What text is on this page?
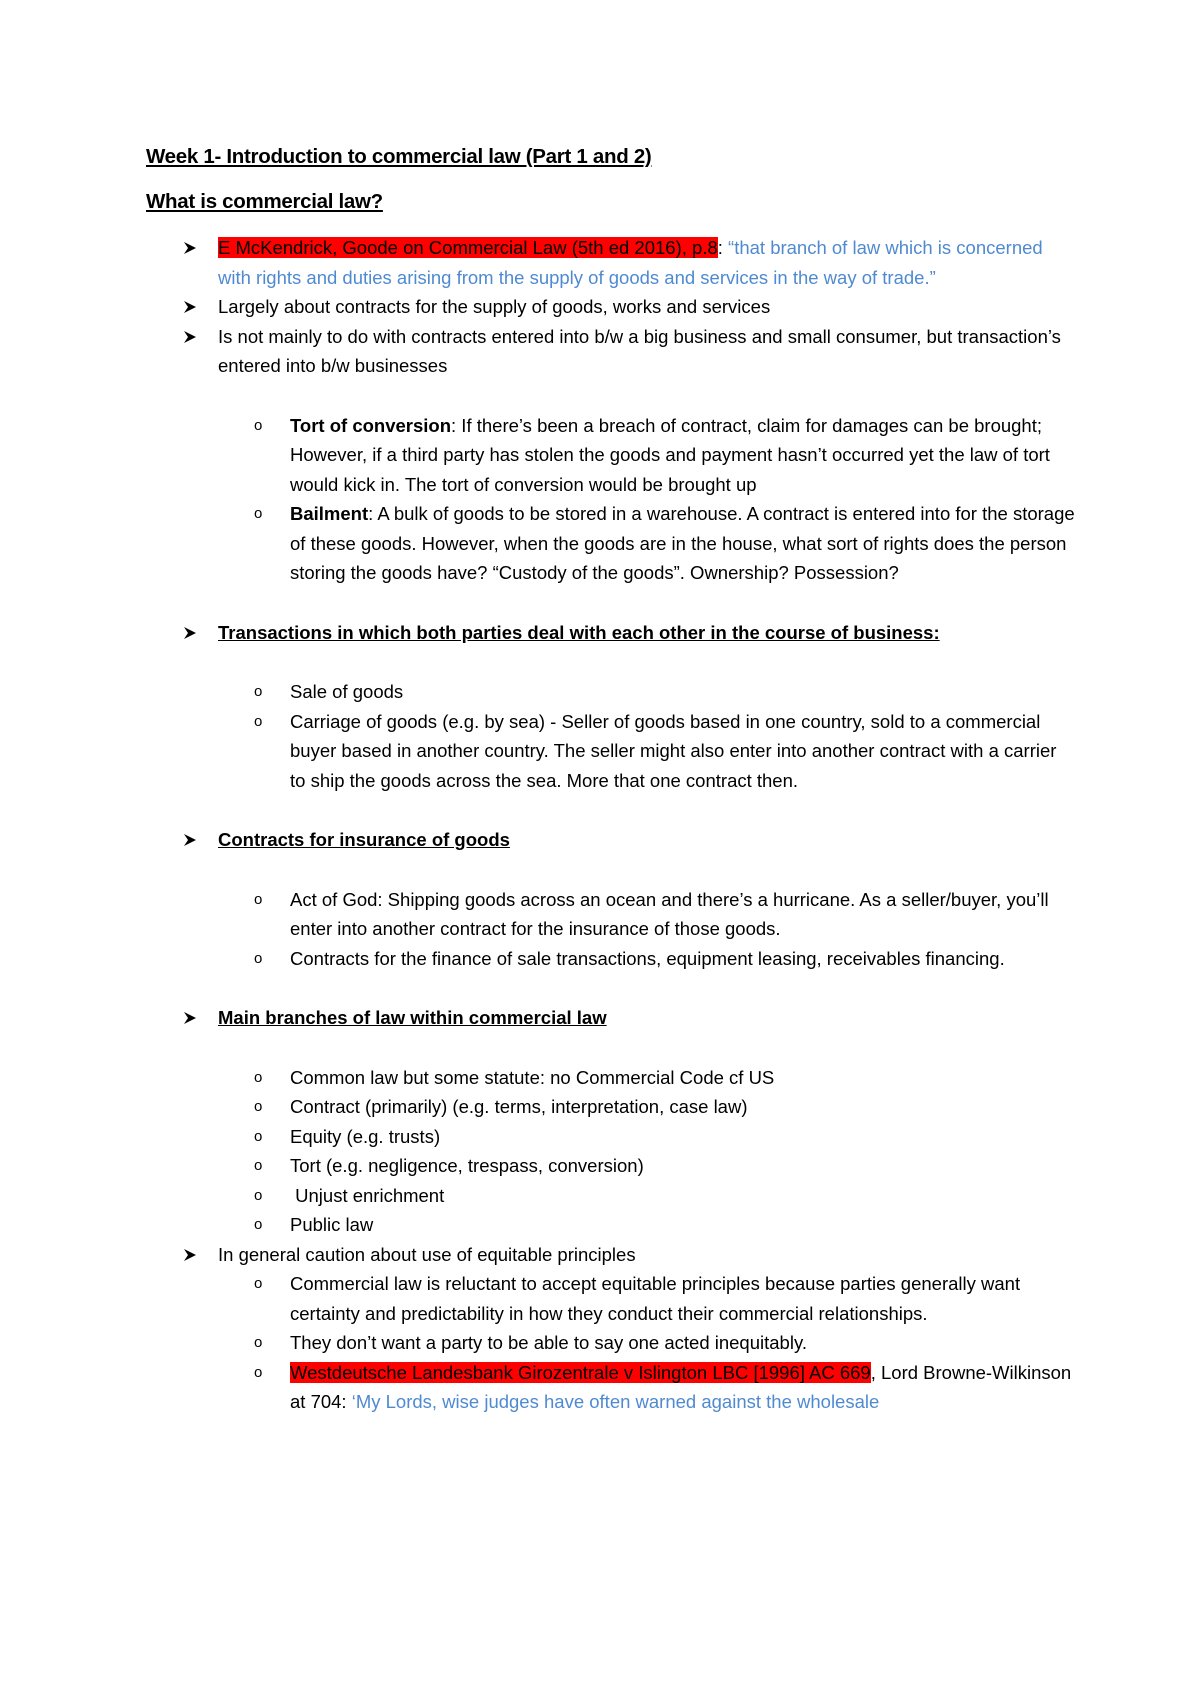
Week 1- Introduction to commercial law (Part 1 and 2)
What is commercial law?
E McKendrick, Goode on Commercial Law (5th ed 2016), p.8: “that branch of law which is concerned with rights and duties arising from the supply of goods and services in the way of trade.”
Largely about contracts for the supply of goods, works and services
Is not mainly to do with contracts entered into b/w a big business and small consumer, but transaction’s entered into b/w businesses
o Tort of conversion: If there’s been a breach of contract, claim for damages can be brought; However, if a third party has stolen the goods and payment hasn’t occurred yet the law of tort would kick in. The tort of conversion would be brought up
o Bailment: A bulk of goods to be stored in a warehouse. A contract is entered into for the storage of these goods. However, when the goods are in the house, what sort of rights does the person storing the goods have? “Custody of the goods”. Ownership? Possession?
Transactions in which both parties deal with each other in the course of business:
o Sale of goods
o Carriage of goods (e.g. by sea) - Seller of goods based in one country, sold to a commercial buyer based in another country. The seller might also enter into another contract with a carrier to ship the goods across the sea. More that one contract then.
Contracts for insurance of goods
o Act of God: Shipping goods across an ocean and there’s a hurricane. As a seller/buyer, you’ll enter into another contract for the insurance of those goods.
o Contracts for the finance of sale transactions, equipment leasing, receivables financing.
Main branches of law within commercial law
o Common law but some statute: no Commercial Code cf US
o Contract (primarily) (e.g. terms, interpretation, case law)
o Equity (e.g. trusts)
o Tort (e.g. negligence, trespass, conversion)
o Unjust enrichment
o Public law
In general caution about use of equitable principles
o Commercial law is reluctant to accept equitable principles because parties generally want certainty and predictability in how they conduct their commercial relationships.
o They don’t want a party to be able to say one acted inequitably.
o Westdeutsche Landesbank Girozentrale v Islington LBC [1996] AC 669, Lord Browne-Wilkinson at 704: ‘My Lords, wise judges have often warned against the wholesale
